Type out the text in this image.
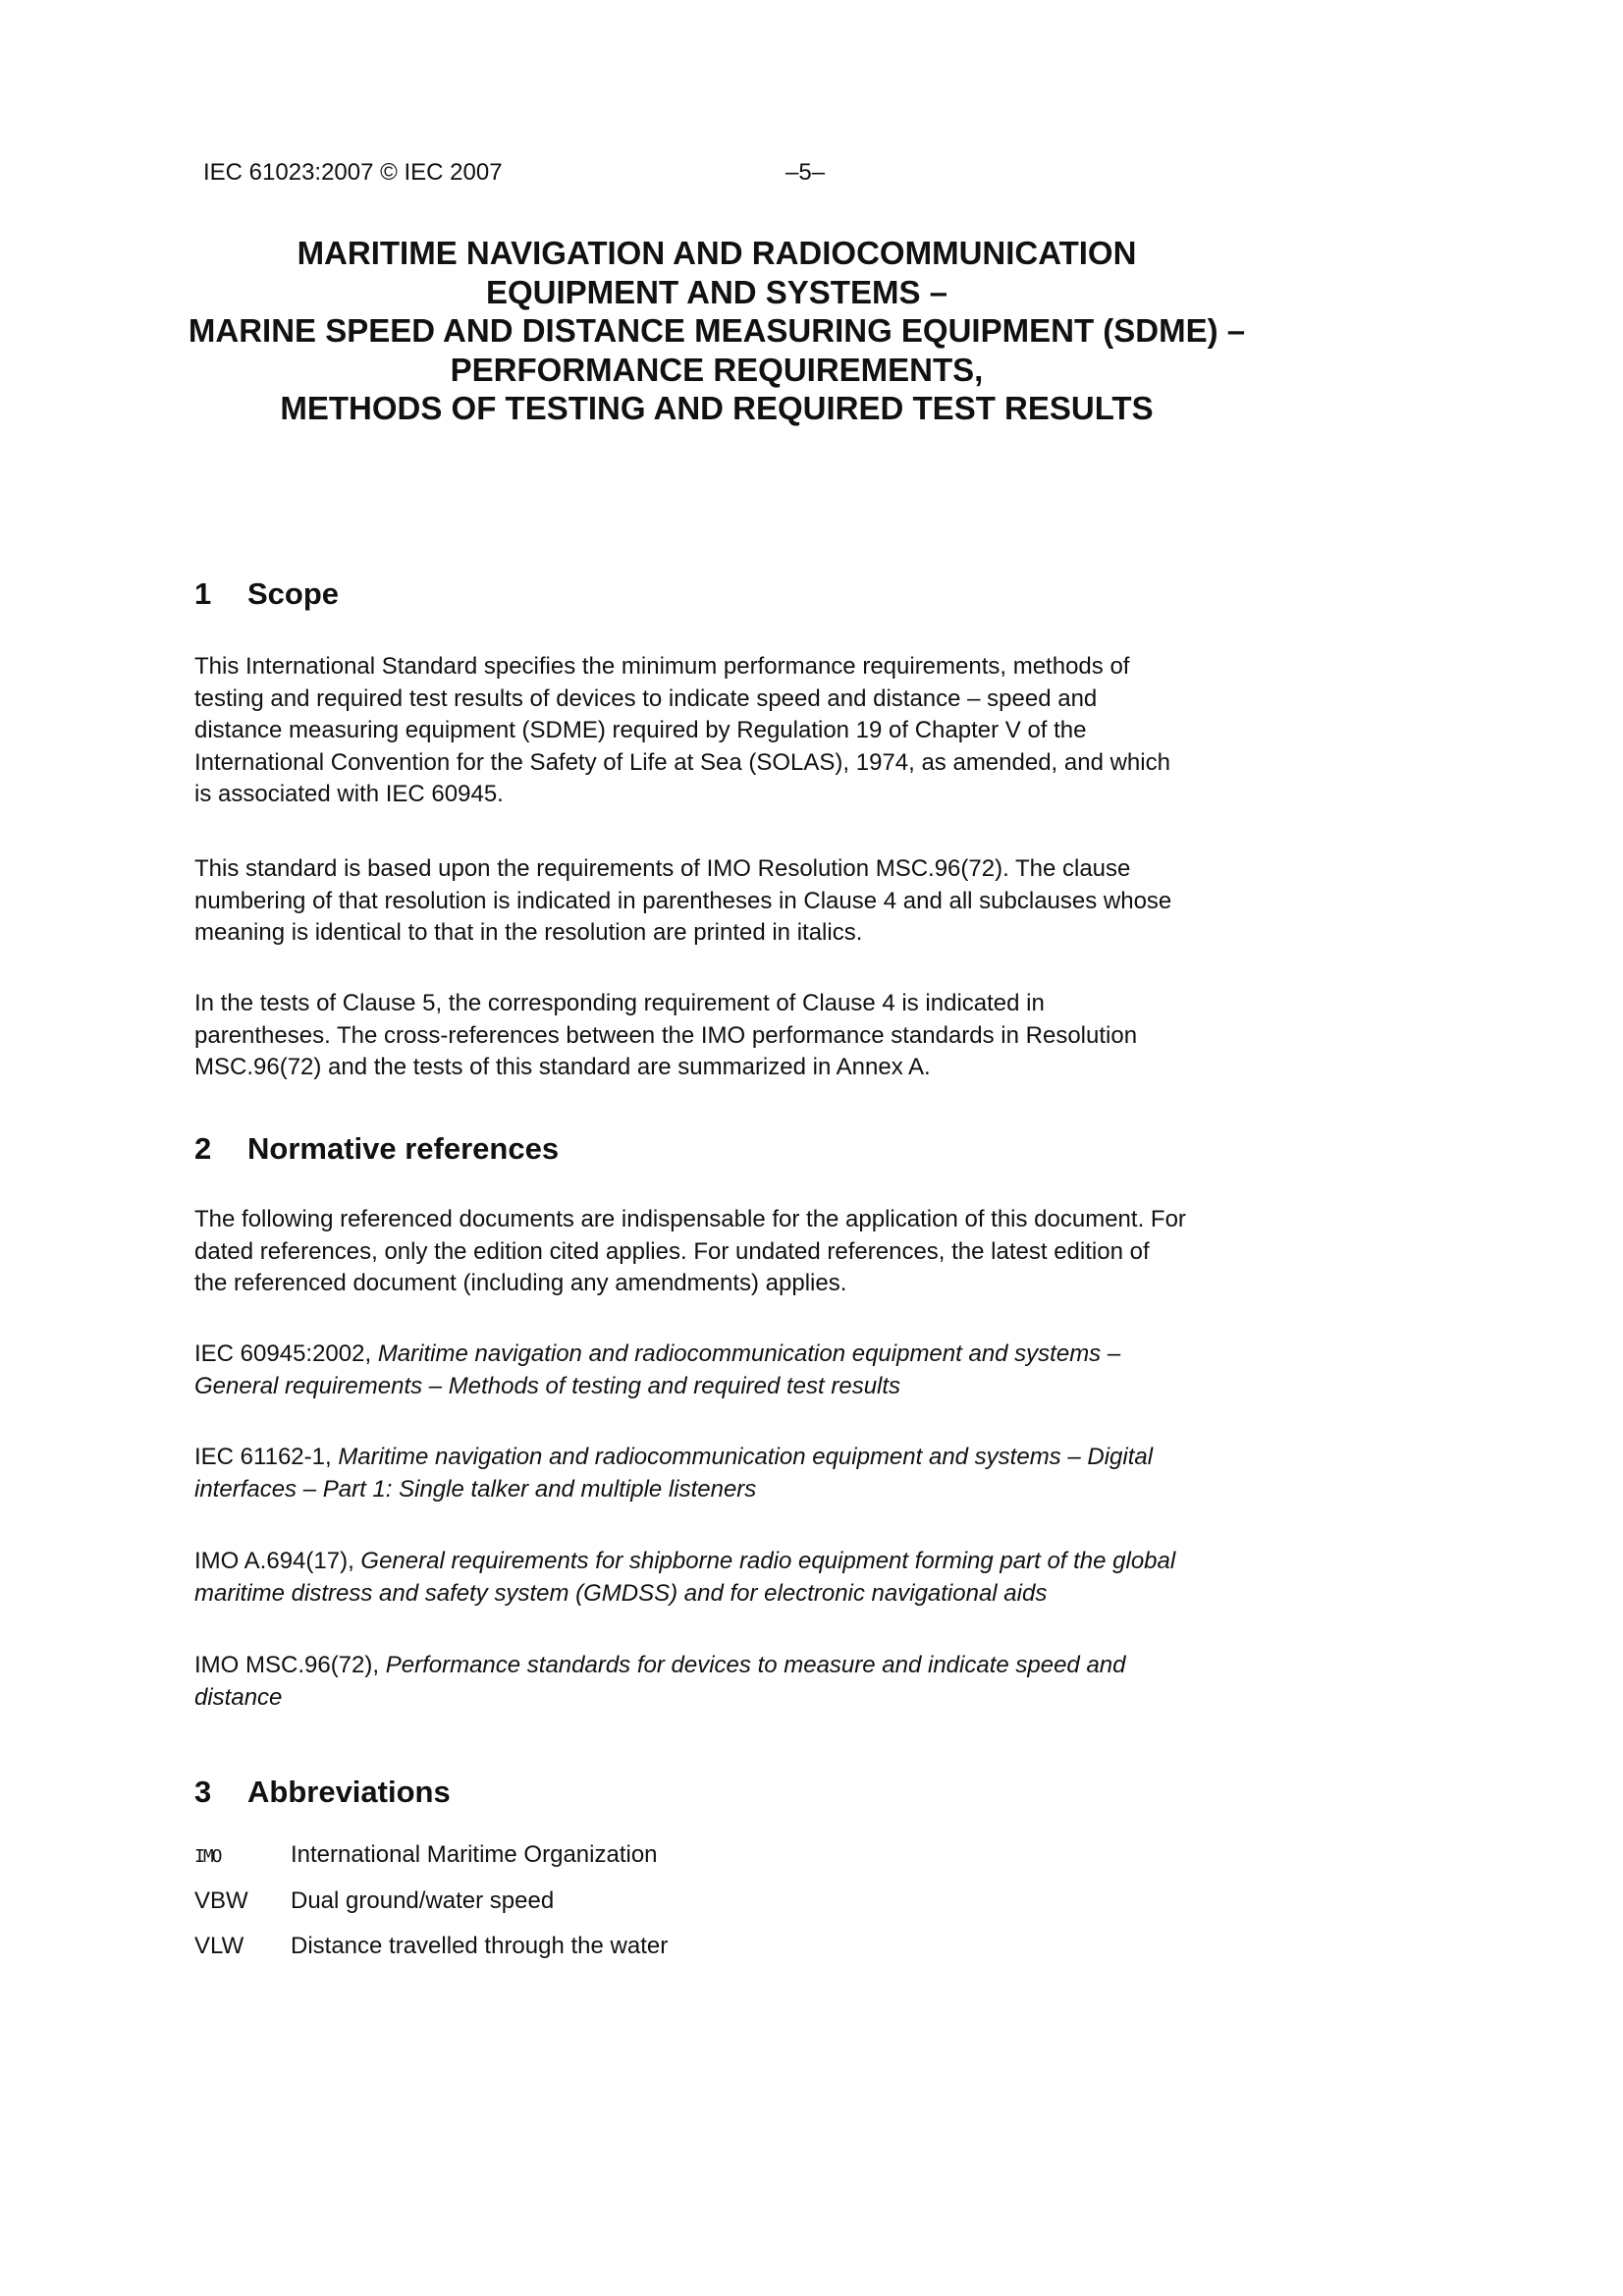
IEC 61023:2007 © IEC 2007	–5–
MARITIME NAVIGATION AND RADIOCOMMUNICATION
EQUIPMENT AND SYSTEMS –
MARINE SPEED AND DISTANCE MEASURING EQUIPMENT (SDME) –
PERFORMANCE REQUIREMENTS,
METHODS OF TESTING AND REQUIRED TEST RESULTS
1 Scope

This International Standard specifies the minimum performance requirements, methods of
testing and required test results of devices to indicate speed and distance – speed and
distance measuring equipment (SDME) required by Regulation 19 of Chapter V of the
International Convention for the Safety of Life at Sea (SOLAS), 1974, as amended, and which
is associated with IEC 60945.

This standard is based upon the requirements of IMO Resolution MSC.96(72). The clause
numbering of that resolution is indicated in parentheses in Clause 4 and all subclauses whose
meaning is identical to that in the resolution are printed in italics.

In the tests of Clause 5, the corresponding requirement of Clause 4 is indicated in
parentheses. The cross-references between the IMO performance standards in Resolution
MSC.96(72) and the tests of this standard are summarized in Annex A.

2 Normative references

The following referenced documents are indispensable for the application of this document. For
dated references, only the edition cited applies. For undated references, the latest edition of
the referenced document (including any amendments) applies.

IEC 60945:2002, Maritime navigation and radiocommunication equipment and systems –
General requirements – Methods of testing and required test results

IEC 61162-1, Maritime navigation and radiocommunication equipment and systems – Digital
interfaces – Part 1: Single talker and multiple listeners

IMO A.694(17), General requirements for shipborne radio equipment forming part of the global
maritime distress and safety system (GMDSS) and for electronic navigational aids

IMO MSC.96(72), Performance standards for devices to measure and indicate speed and
distance

3 Abbreviations
IMO	International Maritime Organization
VBW Dual ground/water speed
VLW Distance travelled through the water
